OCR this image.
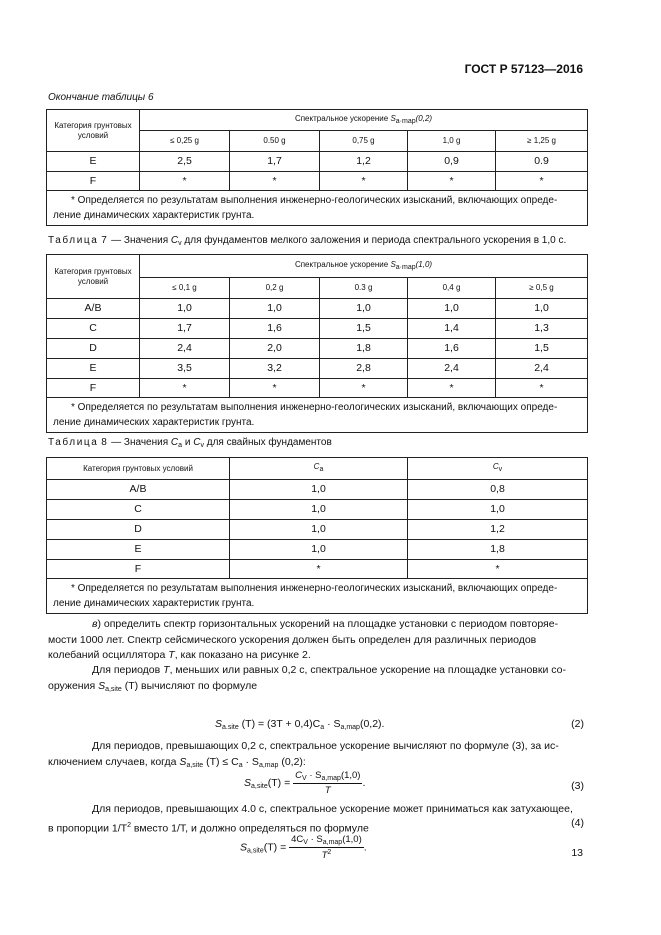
ГОСТ Р 57123—2016
Окончание таблицы 6
Категория грунтовых условий	Спектральное ускорение $S_{a\cdot map}(0,2)$				
	≤ 0,25 g	0.50 g	0,75 g	1,0 g	≥ 1,25 g
E	2,5	1,7	1,2	0,9	0.9
F	*	*	*	*	*
* Определяется по результатам выполнения инженерно-геологических изысканий, включающих опреде-
ление динамических характеристик грунта.					
Таблица 7 — Значения $C_v$ для фундаментов мелкого заложения и периода спектрального ускорения в 1,0 с.
Категория грунтовых условий	Спектральное ускорение $S_{a\cdot map}(1,0)$				
	≤ 0,1 g	0,2 g	0.3 g	0,4 g	≥ 0,5 g
A/B	1,0	1,0	1,0	1,0	1,0
C	1,7	1,6	1,5	1,4	1,3
D	2,4	2,0	1,8	1,6	1,5
E	3,5	3,2	2,8	2,4	2,4
F	*	*	*	*	*
* Определяется по результатам выполнения инженерно-геологических изысканий, включающих опреде-
ление динамических характеристик грунта.					
Таблица 8 — Значения $C_a$ и $C_v$ для свайных фундаментов
Категория грунтовых условий	$C_a$	$C_v$
A/B	1,0	0,8
C	1,0	1,0
D	1,0	1,2
E	1,0	1,8
F	*	*
* Определяется по результатам выполнения инженерно-геологических изысканий, включающих опреде-
ление динамических характеристик грунта.		
в) определить спектр горизонтальных ускорений на площадке установки с периодом повторяе-
мости 1000 лет. Спектр сейсмического ускорения должен быть определен для различных периодов
колебаний осциллятора T, как показано на рисунке 2.
Для периодов T, меньших или равных 0,2 с, спектральное ускорение на площадке установки со-
оружения $S_{a,site}$ (T) вычисляют по формуле
$S_{a.site}$ $(T) = (3T + 0,4)C_a \cdot S_{a,map}(0,2)$.	(2)
Для периодов, превышающих 0,2 с, спектральное ускорение вычисляют по формуле (3), за ис-
ключением случаев, когда $S_{a,site}$ $(T) \le C_a \cdot S_{a,map}$ (0,2):
$S_{a,site}(T) = \frac{C_V \cdot S_{a,map}(1,0)}{T}$ .	(3)
Для периодов, превышающих 4.0 с, спектральное ускорение может приниматься как затухающее,
в пропорции $1/T^2$ вместо 1/T, и должно определяться по формуле
$S_{a,site}(T) = \frac{4C_V \cdot S_{a,map}(1,0)}{T^2}$ .
(4)
13
